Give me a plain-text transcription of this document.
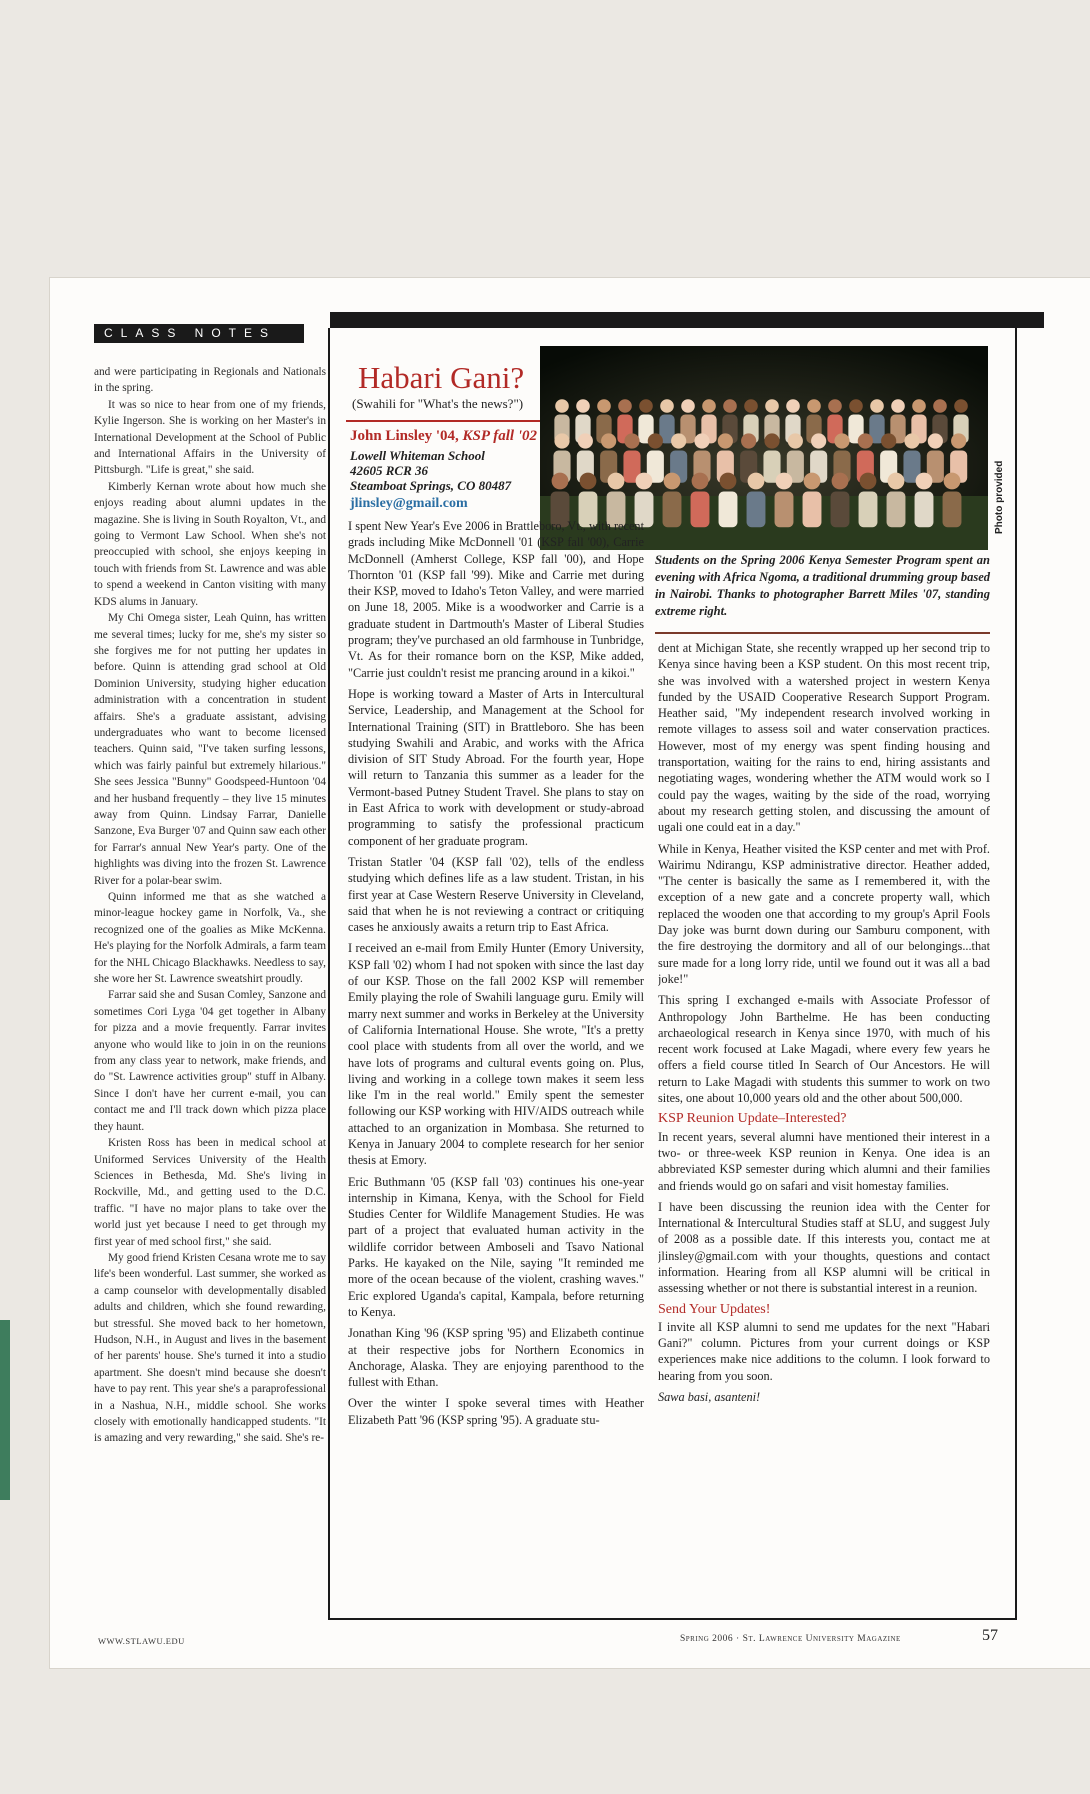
CLASS NOTES

and were participating in Regionals and Nationals in the spring.

It was so nice to hear from one of my friends, Kylie Ingerson. She is working on her Master's in International Development at the School of Public and International Affairs in the University of Pittsburgh. "Life is great," she said.

Kimberly Kernan wrote about how much she enjoys reading about alumni updates in the magazine. She is living in South Royalton, Vt., and going to Vermont Law School. When she's not preoccupied with school, she enjoys keeping in touch with friends from St. Lawrence and was able to spend a weekend in Canton visiting with many KDS alums in January.

My Chi Omega sister, Leah Quinn, has written me several times; lucky for me, she's my sister so she forgives me for not putting her updates in before. Quinn is attending grad school at Old Dominion University, studying higher education administration with a concentration in student affairs. She's a graduate assistant, advising undergraduates who want to become licensed teachers. Quinn said, "I've taken surfing lessons, which was fairly painful but extremely hilarious." She sees Jessica "Bunny" Goodspeed-Huntoon '04 and her husband frequently – they live 15 minutes away from Quinn. Lindsay Farrar, Danielle Sanzone, Eva Burger '07 and Quinn saw each other for Farrar's annual New Year's party. One of the highlights was diving into the frozen St. Lawrence River for a polar-bear swim.

Quinn informed me that as she watched a minor-league hockey game in Norfolk, Va., she recognized one of the goalies as Mike McKenna. He's playing for the Norfolk Admirals, a farm team for the NHL Chicago Blackhawks. Needless to say, she wore her St. Lawrence sweatshirt proudly.

Farrar said she and Susan Comley, Sanzone and sometimes Cori Lyga '04 get together in Albany for pizza and a movie frequently. Farrar invites anyone who would like to join in on the reunions from any class year to network, make friends, and do "St. Lawrence activities group" stuff in Albany. Since I don't have her current e-mail, you can contact me and I'll track down which pizza place they haunt.

Kristen Ross has been in medical school at Uniformed Services University of the Health Sciences in Bethesda, Md. She's living in Rockville, Md., and getting used to the D.C. traffic. "I have no major plans to take over the world just yet because I need to get through my first year of med school first," she said.

My good friend Kristen Cesana wrote me to say life's been wonderful. Last summer, she worked as a camp counselor with developmentally disabled adults and children, which she found rewarding, but stressful. She moved back to her hometown, Hudson, N.H., in August and lives in the basement of her parents' house. She's turned it into a studio apartment. She doesn't mind because she doesn't have to pay rent. This year she's a paraprofessional in a Nashua, N.H., middle school. She works closely with emotionally handicapped students. "It is amazing and very rewarding," she said. She's re-

Habari Gani?
(Swahili for "What's the news?")
John Linsley '04, KSP fall '02
Lowell Whiteman School
42605 RCR 36
Steamboat Springs, CO 80487
jlinsley@gmail.com	Photo provided
Students on the Spring 2006 Kenya Semester Program spent an evening with Africa Ngoma, a traditional drumming group based in Nairobi. Thanks to photographer Barrett Miles '07, standing extreme right.

I spent New Year's Eve 2006 in Brattleboro, Vt., with recent grads including Mike McDonnell '01 (KSP fall '00), Carrie McDonnell (Amherst College, KSP fall '00), and Hope Thornton '01 (KSP fall '99). Mike and Carrie met during their KSP, moved to Idaho's Teton Valley, and were married on June 18, 2005. Mike is a woodworker and Carrie is a graduate student in Dartmouth's Master of Liberal Studies program; they've purchased an old farmhouse in Tunbridge, Vt. As for their romance born on the KSP, Mike added, "Carrie just couldn't resist me prancing around in a kikoi."

Hope is working toward a Master of Arts in Intercultural Service, Leadership, and Management at the School for International Training (SIT) in Brattleboro. She has been studying Swahili and Arabic, and works with the Africa division of SIT Study Abroad. For the fourth year, Hope will return to Tanzania this summer as a leader for the Vermont-based Putney Student Travel. She plans to stay on in East Africa to work with development or study-abroad programming to satisfy the professional practicum component of her graduate program.

Tristan Statler '04 (KSP fall '02), tells of the endless studying which defines life as a law student. Tristan, in his first year at Case Western Reserve University in Cleveland, said that when he is not reviewing a contract or critiquing cases he anxiously awaits a return trip to East Africa.

I received an e-mail from Emily Hunter (Emory University, KSP fall '02) whom I had not spoken with since the last day of our KSP. Those on the fall 2002 KSP will remember Emily playing the role of Swahili language guru. Emily will marry next summer and works in Berkeley at the University of California International House. She wrote, "It's a pretty cool place with students from all over the world, and we have lots of programs and cultural events going on. Plus, living and working in a college town makes it seem less like I'm in the real world." Emily spent the semester following our KSP working with HIV/AIDS outreach while attached to an organization in Mombasa. She returned to Kenya in January 2004 to complete research for her senior thesis at Emory.

Eric Buthmann '05 (KSP fall '03) continues his one-year internship in Kimana, Kenya, with the School for Field Studies Center for Wildlife Management Studies. He was part of a project that evaluated human activity in the wildlife corridor between Amboseli and Tsavo National Parks. He kayaked on the Nile, saying "It reminded me more of the ocean because of the violent, crashing waves." Eric explored Uganda's capital, Kampala, before returning to Kenya.

Jonathan King '96 (KSP spring '95) and Elizabeth continue at their respective jobs for Northern Economics in Anchorage, Alaska. They are enjoying parenthood to the fullest with Ethan.

Over the winter I spoke several times with Heather Elizabeth Patt '96 (KSP spring '95). A graduate stu-

dent at Michigan State, she recently wrapped up her second trip to Kenya since having been a KSP student. On this most recent trip, she was involved with a watershed project in western Kenya funded by the USAID Cooperative Research Support Program. Heather said, "My independent research involved working in remote villages to assess soil and water conservation practices. However, most of my energy was spent finding housing and transportation, waiting for the rains to end, hiring assistants and negotiating wages, wondering whether the ATM would work so I could pay the wages, waiting by the side of the road, worrying about my research getting stolen, and discussing the amount of ugali one could eat in a day."

While in Kenya, Heather visited the KSP center and met with Prof. Wairimu Ndirangu, KSP administrative director. Heather added, "The center is basically the same as I remembered it, with the exception of a new gate and a concrete property wall, which replaced the wooden one that according to my group's April Fools Day joke was burnt down during our Samburu component, with the fire destroying the dormitory and all of our belongings...that sure made for a long lorry ride, until we found out it was all a bad joke!"

This spring I exchanged e-mails with Associate Professor of Anthropology John Barthelme. He has been conducting archaeological research in Kenya since 1970, with much of his recent work focused at Lake Magadi, where every few years he offers a field course titled In Search of Our Ancestors. He will return to Lake Magadi with students this summer to work on two sites, one about 10,000 years old and the other about 500,000.

KSP Reunion Update–Interested?

In recent years, several alumni have mentioned their interest in a two- or three-week KSP reunion in Kenya. One idea is an abbreviated KSP semester during which alumni and their families and friends would go on safari and visit homestay families.

I have been discussing the reunion idea with the Center for International & Intercultural Studies staff at SLU, and suggest July of 2008 as a possible date. If this interests you, contact me at jlinsley@gmail.com with your thoughts, questions and contact information. Hearing from all KSP alumni will be critical in assessing whether or not there is substantial interest in a reunion.

Send Your Updates!

I invite all KSP alumni to send me updates for the next "Habari Gani?" column. Pictures from your current doings or KSP experiences make nice additions to the column. I look forward to hearing from you soon.

Sawa basi, asanteni!

WWW.STLAWU.EDU	Spring 2006 · St. Lawrence University Magazine	57
